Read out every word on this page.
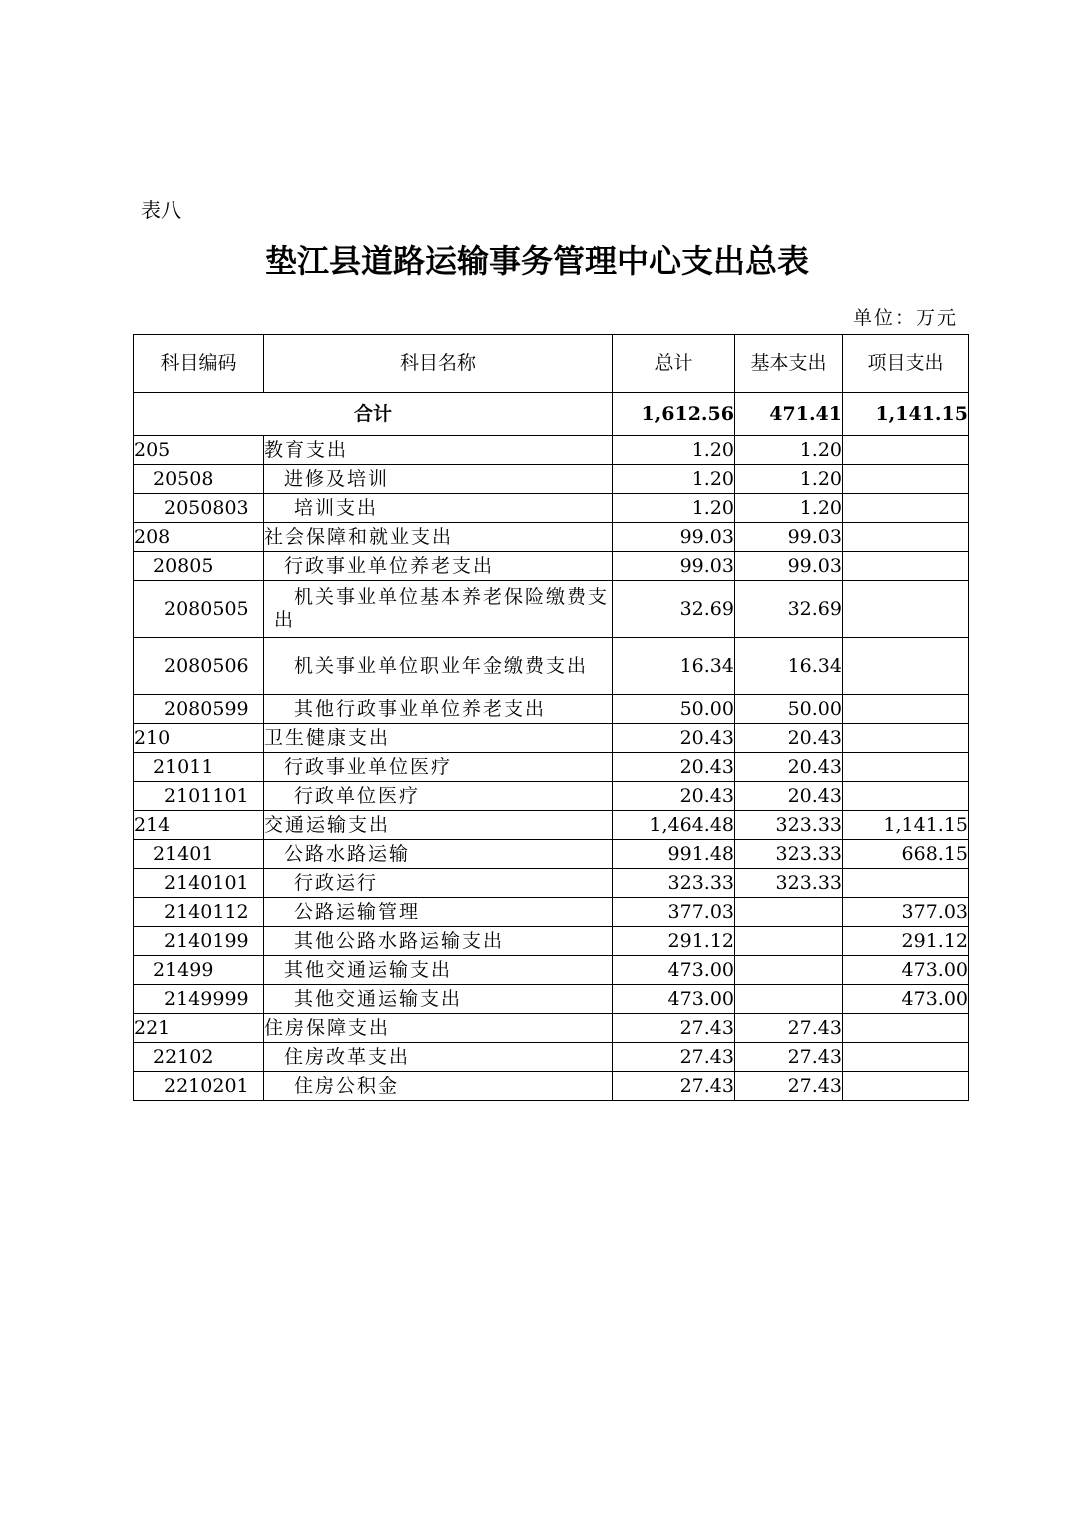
表八
垫江县道路运输事务管理中心支出总表
单位：万元
科目编码	科目名称	总计	基本支出	项目支出
合计		1,612.56	471.41	1,141.15
205	教育支出	1.20	1.20	
20508	进修及培训	1.20	1.20	
2050803	培训支出	1.20	1.20	
208	社会保障和就业支出	99.03	99.03	
20805	行政事业单位养老支出	99.03	99.03	
2080505	机关事业单位基本养老保险缴费支出	32.69	32.69	
2080506	机关事业单位职业年金缴费支出	16.34	16.34	
2080599	其他行政事业单位养老支出	50.00	50.00	
210	卫生健康支出	20.43	20.43	
21011	行政事业单位医疗	20.43	20.43	
2101101	行政单位医疗	20.43	20.43	
214	交通运输支出	1,464.48	323.33	1,141.15
21401	公路水路运输	991.48	323.33	668.15
2140101	行政运行	323.33	323.33	
2140112	公路运输管理	377.03		377.03
2140199	其他公路水路运输支出	291.12		291.12
21499	其他交通运输支出	473.00		473.00
2149999	其他交通运输支出	473.00		473.00
221	住房保障支出	27.43	27.43	
22102	住房改革支出	27.43	27.43	
2210201	住房公积金	27.43	27.43	
